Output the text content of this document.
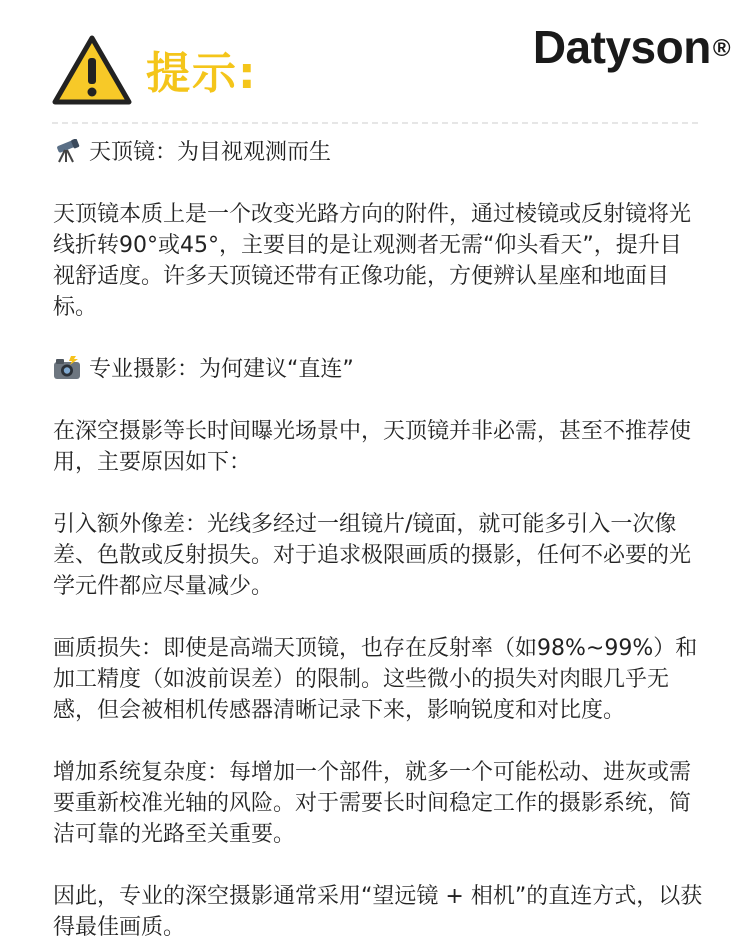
提示:
Datyson®

天顶镜：为目视观测而生

天顶镜本质上是一个改变光路方向的附件，通过棱镜或反射镜将光线折转90°或45°，主要目的是让观测者无需“仰头看天”，提升目视舒适度。许多天顶镜还带有正像功能，方便辨认星座和地面目标。

专业摄影：为何建议“直连”

在深空摄影等长时间曝光场景中，天顶镜并非必需，甚至不推荐使用，主要原因如下：

引入额外像差：光线多经过一组镜片/镜面，就可能多引入一次像差、色散或反射损失。对于追求极限画质的摄影，任何不必要的光学元件都应尽量减少。

画质损失：即使是高端天顶镜，也存在反射率（如98%~99%）和加工精度（如波前误差）的限制。这些微小的损失对肉眼几乎无感，但会被相机传感器清晰记录下来，影响锐度和对比度。

增加系统复杂度：每增加一个部件，就多一个可能松动、进灰或需要重新校准光轴的风险。对于需要长时间稳定工作的摄影系统，简洁可靠的光路至关重要。

因此，专业的深空摄影通常采用“望远镜 + 相机”的直连方式，以获得最佳画质。
